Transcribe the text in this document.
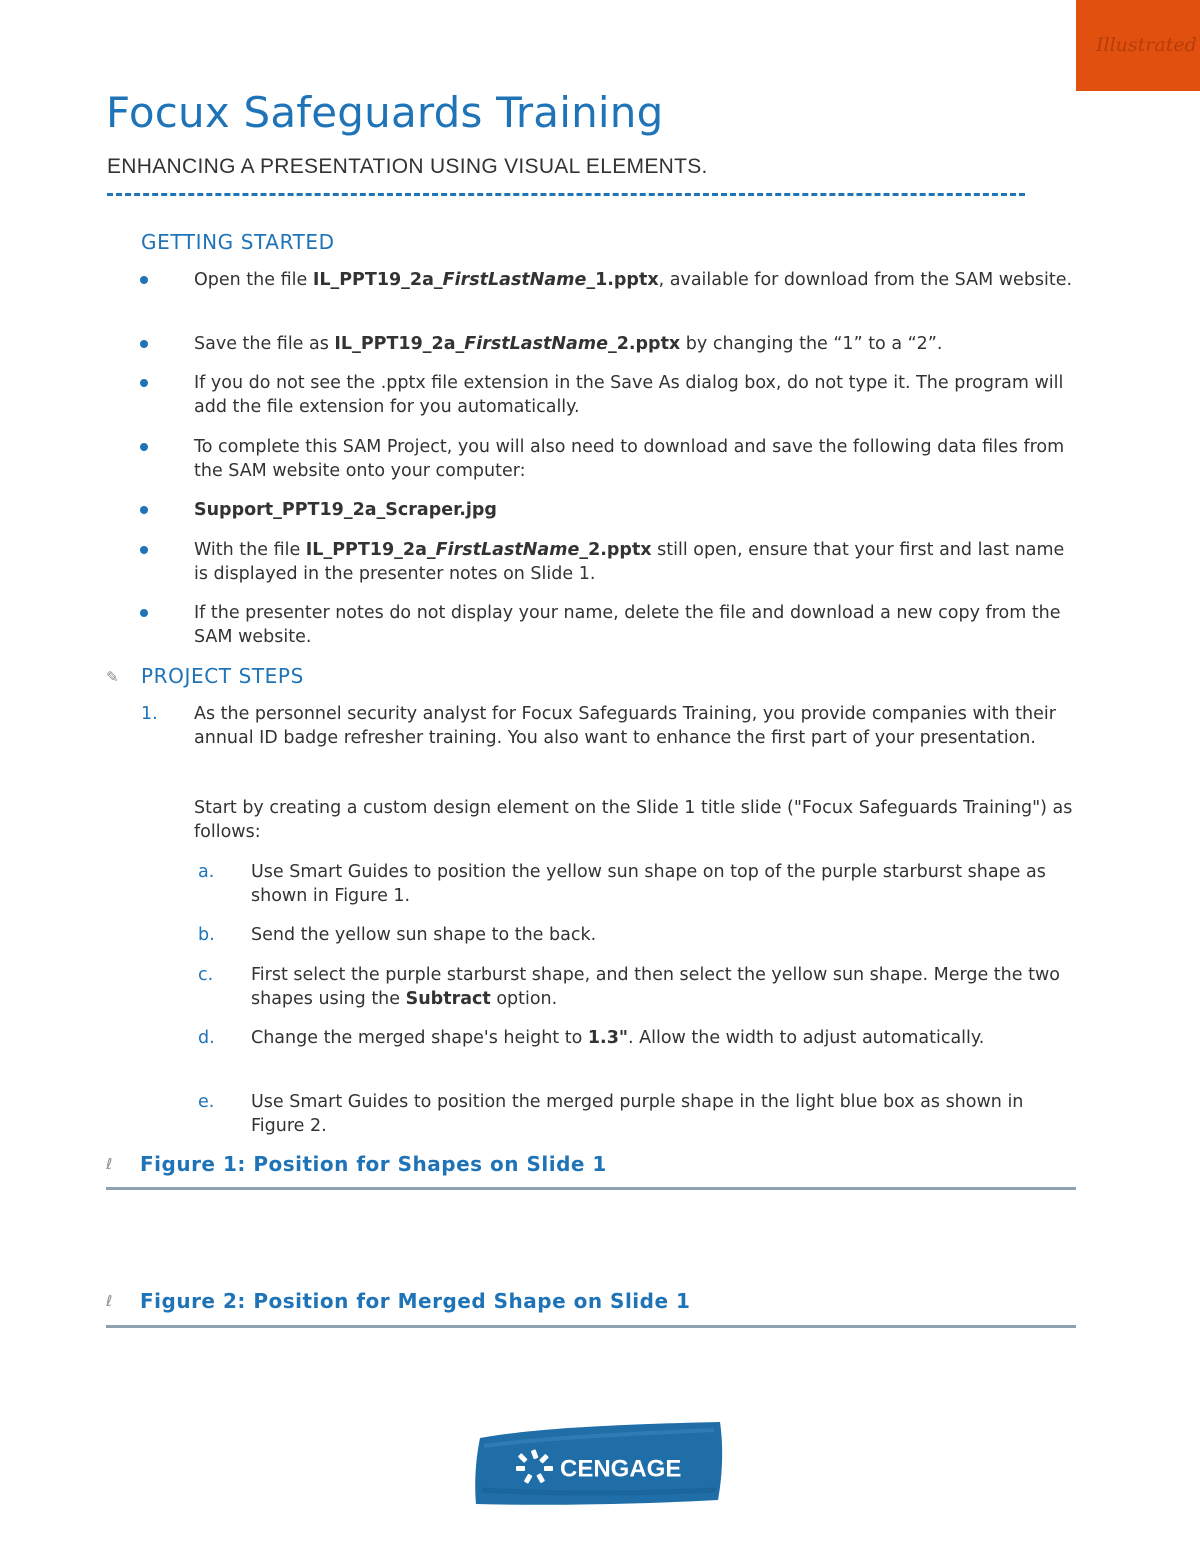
Illustrated
Focux Safeguards Training
ENHANCING A PRESENTATION USING VISUAL ELEMENTS.
GETTING STARTED
Open the file IL_PPT19_2a_FirstLastName_1.pptx, available for download from the SAM website.
Save the file as IL_PPT19_2a_FirstLastName_2.pptx by changing the “1” to a “2”.
If you do not see the .pptx file extension in the Save As dialog box, do not type it. The program will add the file extension for you automatically.
To complete this SAM Project, you will also need to download and save the following data files from the SAM website onto your computer:
Support_PPT19_2a_Scraper.jpg
With the file IL_PPT19_2a_FirstLastName_2.pptx still open, ensure that your first and last name is displayed in the presenter notes on Slide 1.
If the presenter notes do not display your name, delete the file and download a new copy from the SAM website.
✎ PROJECT STEPS
1. As the personnel security analyst for Focux Safeguards Training, you provide companies with their annual ID badge refresher training. You also want to enhance the first part of your presentation.
Start by creating a custom design element on the Slide 1 title slide ("Focux Safeguards Training") as follows:
a. Use Smart Guides to position the yellow sun shape on top of the purple starburst shape as shown in Figure 1.
b. Send the yellow sun shape to the back.
c. First select the purple starburst shape, and then select the yellow sun shape. Merge the two shapes using the Subtract option.
d. Change the merged shape's height to 1.3". Allow the width to adjust automatically.
e. Use Smart Guides to position the merged purple shape in the light blue box as shown in Figure 2.
ℓ Figure 1: Position for Shapes on Slide 1
ℓ Figure 2: Position for Merged Shape on Slide 1
CENGAGE
